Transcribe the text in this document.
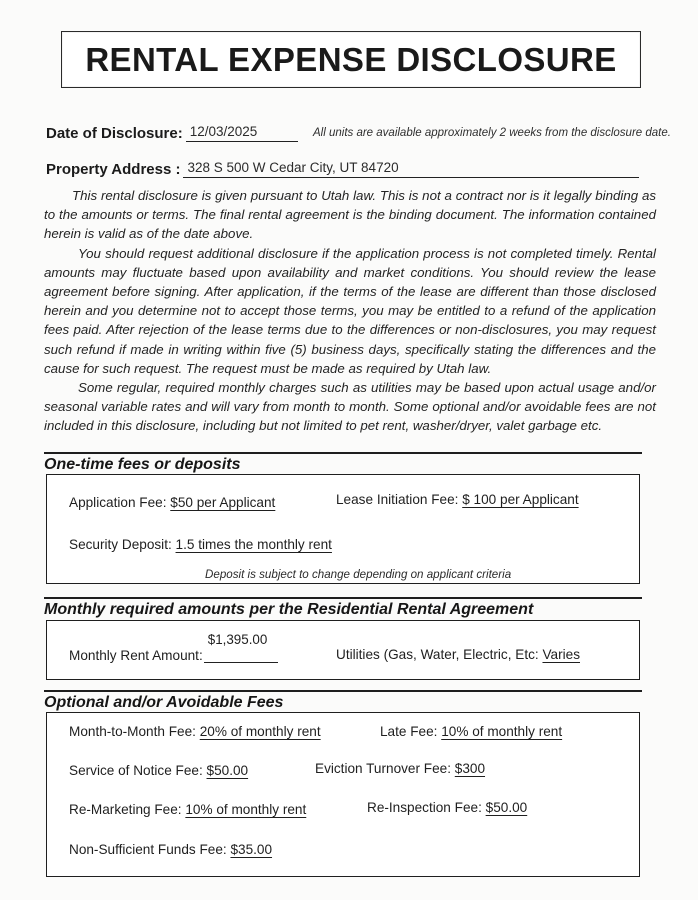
RENTAL EXPENSE DISCLOSURE
Date of Disclosure: 12/03/2025	All units are available approximately 2 weeks from the disclosure date.
Property Address : 328 S 500 W Cedar City, UT 84720

This rental disclosure is given pursuant to Utah law. This is not a contract nor is it legally binding as to the amounts or terms. The final rental agreement is the binding document. The information contained herein is valid as of the date above.

You should request additional disclosure if the application process is not completed timely. Rental amounts may fluctuate based upon availability and market conditions. You should review the lease agreement before signing. After application, if the terms of the lease are different than those disclosed herein and you determine not to accept those terms, you may be entitled to a refund of the application fees paid. After rejection of the lease terms due to the differences or non-disclosures, you may request such refund if made in writing within five (5) business days, specifically stating the differences and the cause for such request. The request must be made as required by Utah law.

Some regular, required monthly charges such as utilities may be based upon actual usage and/or seasonal variable rates and will vary from month to month. Some optional and/or avoidable fees are not included in this disclosure, including but not limited to pet rent, washer/dryer, valet garbage etc.

One-time fees or deposits
Application Fee: $50 per Applicant	Lease Initiation Fee: $ 100 per Applicant
Security Deposit: 1.5 times the monthly rent
Deposit is subject to change depending on applicant criteria
Monthly required amounts per the Residential Rental Agreement
Monthly Rent Amount:
$1,395.00
Utilities (Gas, Water, Electric, Etc: Varies
Optional and/or Avoidable Fees
Month-to-Month Fee: 20% of monthly rent	Late Fee: 10% of monthly rent
Service of Notice Fee: $50.00	Eviction Turnover Fee: $300
Re-Marketing Fee: 10% of monthly rent	Re-Inspection Fee: $50.00
Non-Sufficient Funds Fee: $35.00
